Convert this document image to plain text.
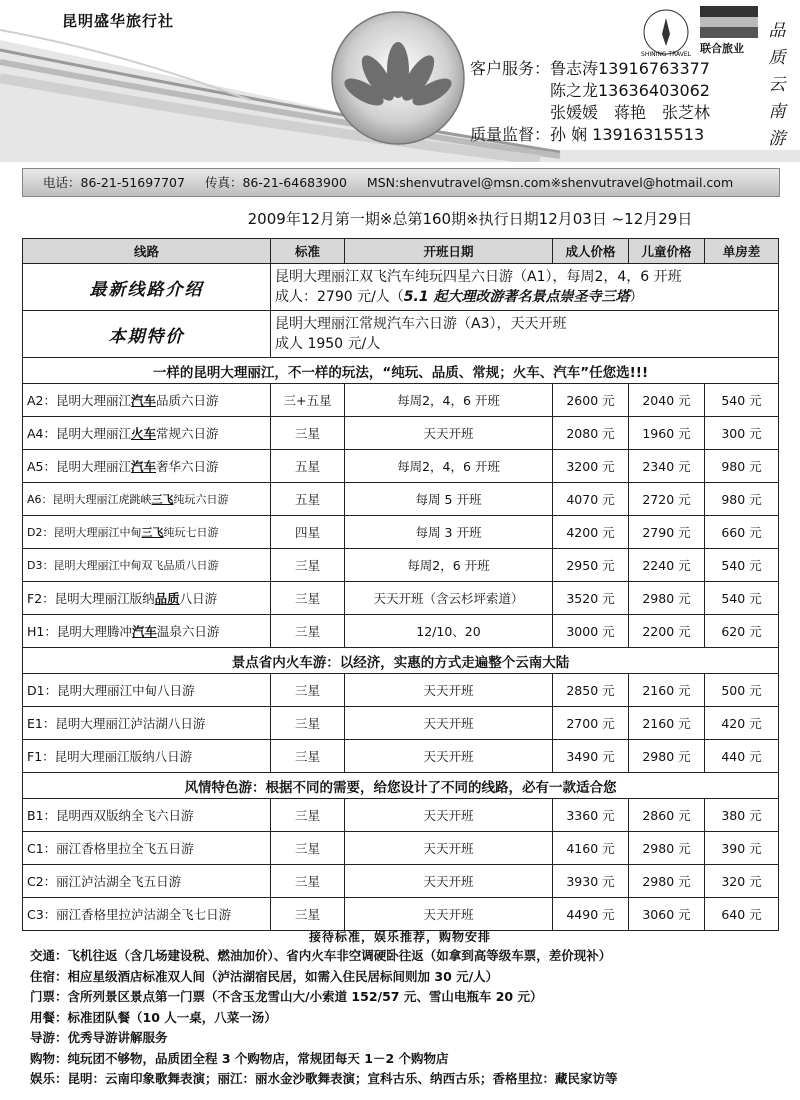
昆明盛华旅行社
SHINING TRAVEL 联合旅业
品
质
云
南
游
客户服务：鲁志涛13916763377
　　　　　陈之龙13636403062
　　　　　张媛媛　蒋艳　张芝林
质量监督：孙 娴 13916315513
电话：86-21-51697707 传真：86-21-64683900 MSN:shenvutravel@msn.com※shenvutravel@hotmail.com
2009年12月第一期※总第160期※执行日期12月03日 ~12月29日
线路	标准	开班日期	成人价格	儿童价格	单房差
最新线路介绍	昆明大理丽江双飞汽车纯玩四星六日游（A1），每周2，4，6 开班
成人：2790 元/人（5.1 起大理改游著名景点崇圣寺三塔）				

本期特价	昆明大理丽江常规汽车六日游（A3），天天开班
成人 1950 元/人				

一样的昆明大理丽江，不一样的玩法，“纯玩、品质、常规；火车、汽车”任您选!!!					
A2：昆明大理丽江汽车品质六日游	三+五星	每周2，4，6 开班	2600 元	2040 元	540 元
A4：昆明大理丽江火车常规六日游	三星	天天开班	2080 元	1960 元	300 元
A5：昆明大理丽江汽车奢华六日游	五星	每周2，4，6 开班	3200 元	2340 元	980 元
A6：昆明大理丽江虎跳峡三飞纯玩六日游	五星	每周 5 开班	4070 元	2720 元	980 元
D2：昆明大理丽江中甸三飞纯玩七日游	四星	每周 3 开班	4200 元	2790 元	660 元
D3：昆明大理丽江中甸双飞品质八日游	三星	每周2，6 开班	2950 元	2240 元	540 元
F2：昆明大理丽江版纳品质八日游	三星	天天开班（含云杉坪索道）	3520 元	2980 元	540 元
H1：昆明大理腾冲汽车温泉六日游	三星	12/10、20	3000 元	2200 元	620 元
景点省内火车游：以经济，实惠的方式走遍整个云南大陆					
D1：昆明大理丽江中甸八日游	三星	天天开班	2850 元	2160 元	500 元
E1：昆明大理丽江泸沽湖八日游	三星	天天开班	2700 元	2160 元	420 元
F1：昆明大理丽江版纳八日游	三星	天天开班	3490 元	2980 元	440 元
风情特色游：根据不同的需要，给您设计了不同的线路，必有一款适合您					
B1：昆明西双版纳全飞六日游	三星	天天开班	3360 元	2860 元	380 元
C1：丽江香格里拉全飞五日游	三星	天天开班	4160 元	2980 元	390 元
C2：丽江泸沽湖全飞五日游	三星	天天开班	3930 元	2980 元	320 元
C3：丽江香格里拉泸沽湖全飞七日游	三星	天天开班	4490 元	3060 元	640 元
接待标准，娱乐推荐，购物安排
交通：飞机往返（含几场建设税、燃油加价）、省内火车非空调硬卧往返（如拿到高等级车票，差价现补）
住宿：相应星级酒店标准双人间（泸沽湖宿民居，如需入住民居标间则加 30 元/人）
门票：含所列景区景点第一门票（不含玉龙雪山大/小索道 152/57 元、雪山电瓶车 20 元）
用餐：标准团队餐（10 人一桌，八菜一汤）
导游：优秀导游讲解服务
购物：纯玩团不够物，品质团全程 3 个购物店，常规团每天 1－2 个购物店
娱乐：昆明：云南印象歌舞表演；丽江：丽水金沙歌舞表演；宣科古乐、纳西古乐；香格里拉：藏民家访等
